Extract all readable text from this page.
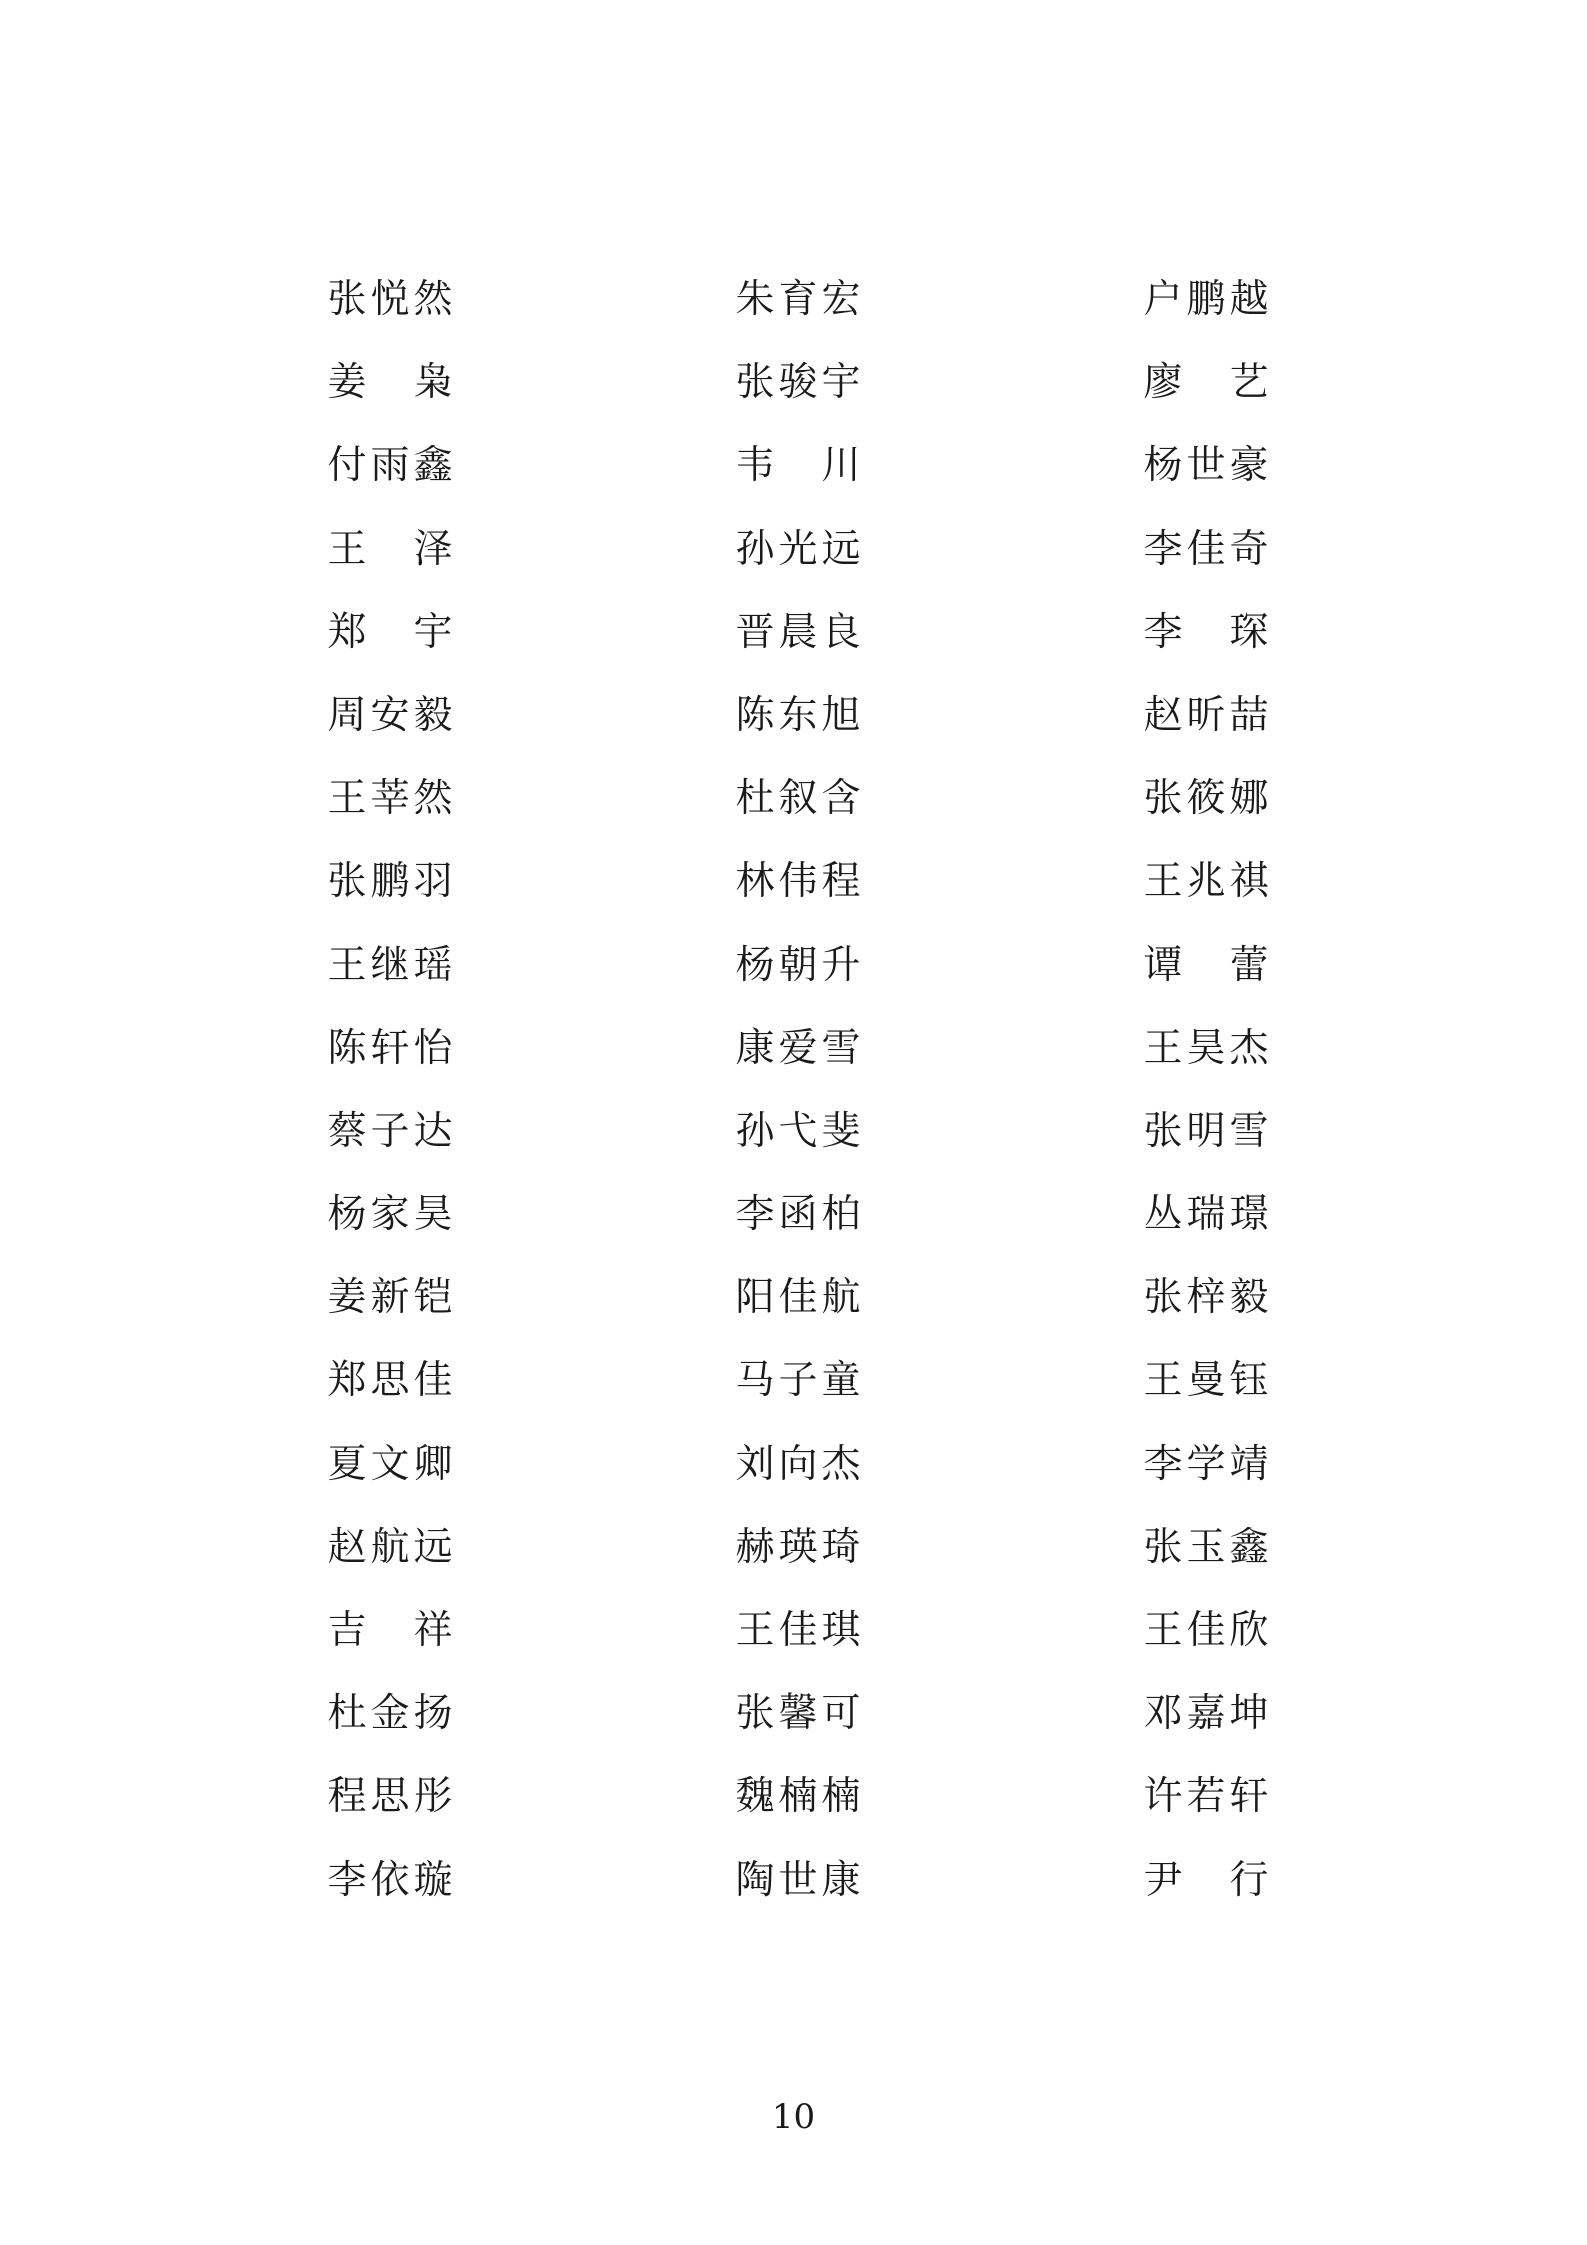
张 悦 然	朱 育 宏	户 鹏 越
姜 枭	张 骏 宇	廖 艺
付 雨 鑫	韦 川	杨 世 豪
王 泽	孙 光 远	李 佳 奇
郑 宇	晋 晨 良	李 琛
周 安 毅	陈 东 旭	赵 昕 喆
王 莘 然	杜 叙 含	张 筱 娜
张 鹏 羽	林 伟 程	王 兆 祺
王 继 瑶	杨 朝 升	谭 蕾
陈 轩 怡	康 爱 雪	王 昊 杰
蔡 子 达	孙 弋 斐	张 明 雪
杨 家 昊	李 函 柏	丛 瑞 璟
姜 新 铠	阳 佳 航	张 梓 毅
郑 思 佳	马 子 童	王 曼 钰
夏 文 卿	刘 向 杰	李 学 靖
赵 航 远	赫 瑛 琦	张 玉 鑫
吉 祥	王 佳 琪	王 佳 欣
杜 金 扬	张 馨 可	邓 嘉 坤
程 思 彤	魏 楠 楠	许 若 轩
李 依 璇	陶 世 康	尹 行
10
